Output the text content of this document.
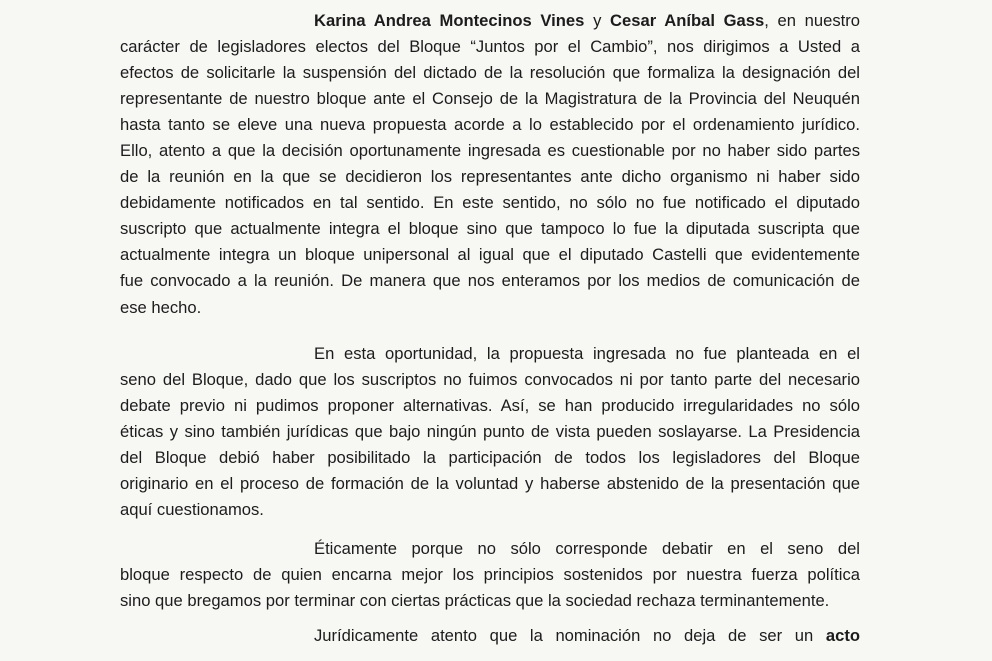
Karina Andrea Montecinos Vines y Cesar Aníbal Gass, en nuestro
carácter de legisladores electos del Bloque “Juntos por el Cambio”, nos dirigimos a Usted a
efectos de solicitarle la suspensión del dictado de la resolución que formaliza la designación del
representante de nuestro bloque ante el Consejo de la Magistratura de la Provincia del Neuquén
hasta tanto se eleve una nueva propuesta acorde a lo establecido por el ordenamiento jurídico.
Ello, atento a que la decisión oportunamente ingresada es cuestionable por no haber sido partes
de la reunión en la que se decidieron los representantes ante dicho organismo ni haber sido
debidamente notificados en tal sentido. En este sentido, no sólo no fue notificado el diputado
suscripto que actualmente integra el bloque sino que tampoco lo fue la diputada suscripta que
actualmente integra un bloque unipersonal al igual que el diputado Castelli que evidentemente
fue convocado a la reunión. De manera que nos enteramos por los medios de comunicación de
ese hecho.
En esta oportunidad, la propuesta ingresada no fue planteada en el
seno del Bloque, dado que los suscriptos no fuimos convocados ni por tanto parte del necesario
debate previo ni pudimos proponer alternativas. Así, se han producido irregularidades no sólo
éticas y sino también jurídicas que bajo ningún punto de vista pueden soslayarse. La Presidencia
del Bloque debió haber posibilitado la participación de todos los legisladores del Bloque
originario en el proceso de formación de la voluntad y haberse abstenido de la presentación que
aquí cuestionamos.
Éticamente porque no sólo corresponde debatir en el seno del
bloque respecto de quien encarna mejor los principios sostenidos por nuestra fuerza política
sino que bregamos por terminar con ciertas prácticas que la sociedad rechaza terminantemente.
Jurídicamente atento que la nominación no deja de ser un acto
